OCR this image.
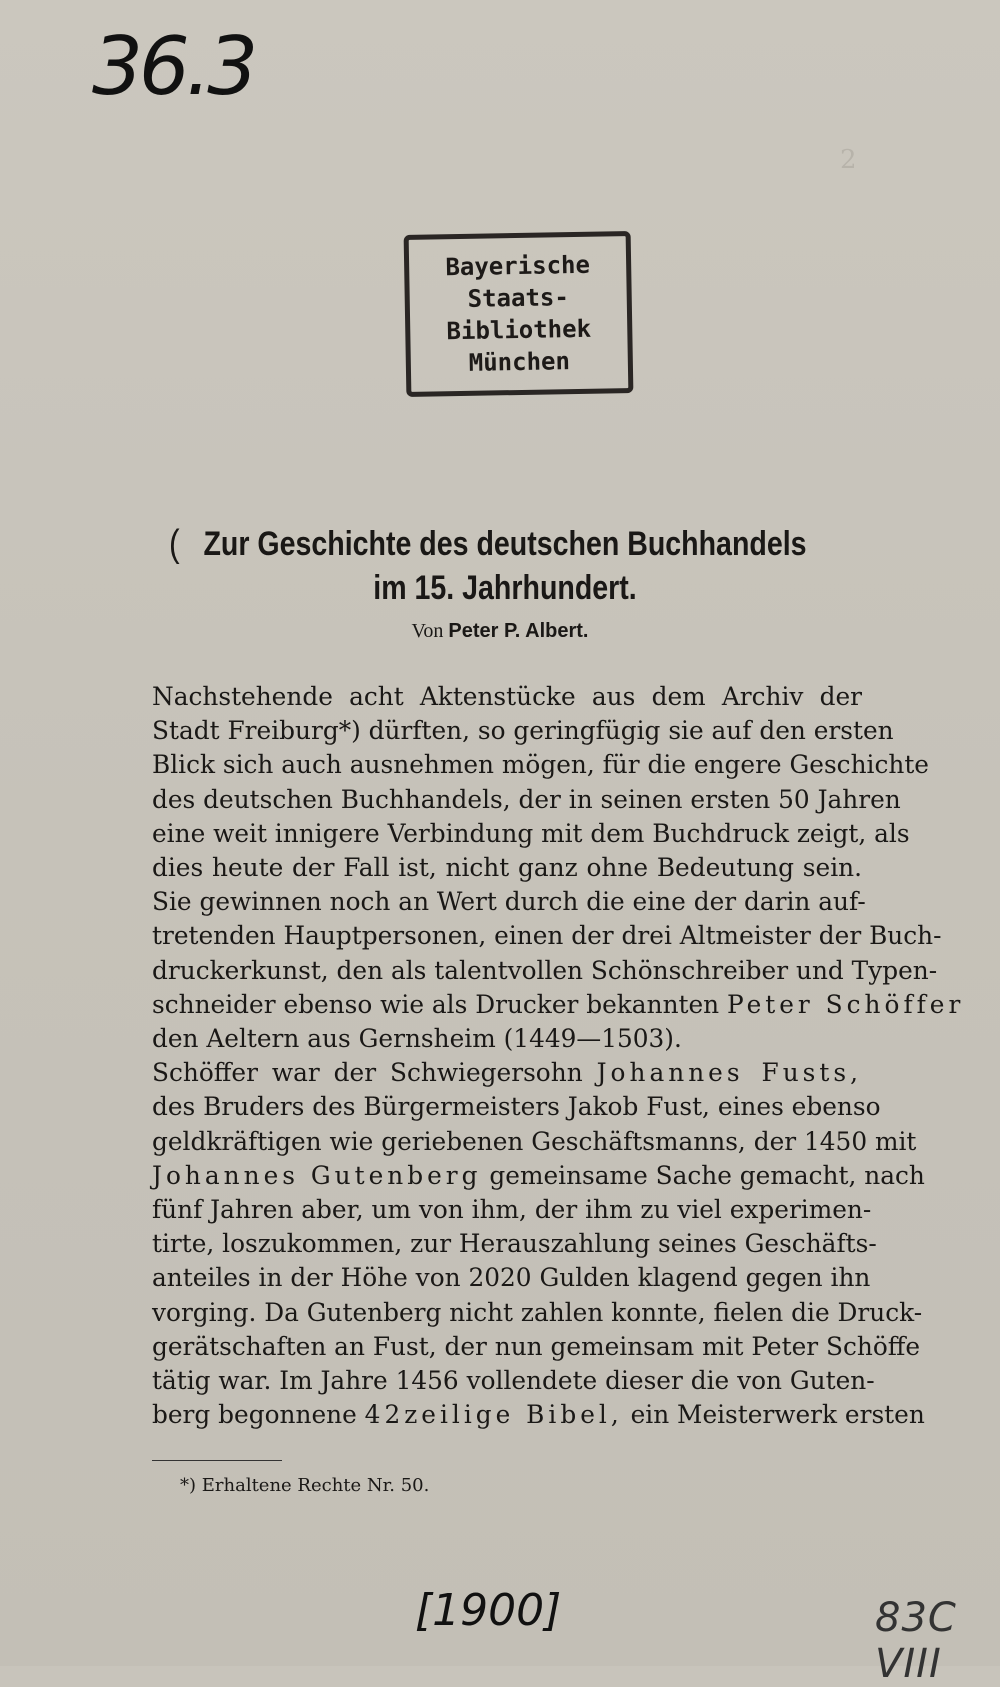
2
36.3
Bayerische
Staats-
Bibliothek
München
( Zur Geschichte des deutschen Buchhandels
im 15. Jahrhundert.
Von Peter P. Albert.
Nachstehende acht Aktenstücke aus dem Archiv der
Stadt Freiburg*) dürften, so geringfügig sie auf den ersten
Blick sich auch ausnehmen mögen, für die engere Geschichte
des deutschen Buchhandels, der in seinen ersten 50 Jahren
eine weit innigere Verbindung mit dem Buchdruck zeigt, als
dies heute der Fall ist, nicht ganz ohne Bedeutung sein.
Sie gewinnen noch an Wert durch die eine der darin auf-
tretenden Hauptpersonen, einen der drei Altmeister der Buch-
druckerkunst, den als talentvollen Schönschreiber und Typen-
schneider ebenso wie als Drucker bekannten Peter Schöffer
den Aeltern aus Gernsheim (1449—1503).
Schöffer war der Schwiegersohn Johannes Fusts,
des Bruders des Bürgermeisters Jakob Fust, eines ebenso
geldkräftigen wie geriebenen Geschäftsmanns, der 1450 mit
Johannes Gutenberg gemeinsame Sache gemacht, nach
fünf Jahren aber, um von ihm, der ihm zu viel experimen-
tirte, loszukommen, zur Herauszahlung seines Geschäfts-
anteiles in der Höhe von 2020 Gulden klagend gegen ihn
vorging. Da Gutenberg nicht zahlen konnte, fielen die Druck-
gerätschaften an Fust, der nun gemeinsam mit Peter Schöffe
tätig war. Im Jahre 1456 vollendete dieser die von Guten-
berg begonnene 42zeilige Bibel, ein Meisterwerk ersten
*) Erhaltene Rechte Nr. 50.
[1900]	83C VIII
